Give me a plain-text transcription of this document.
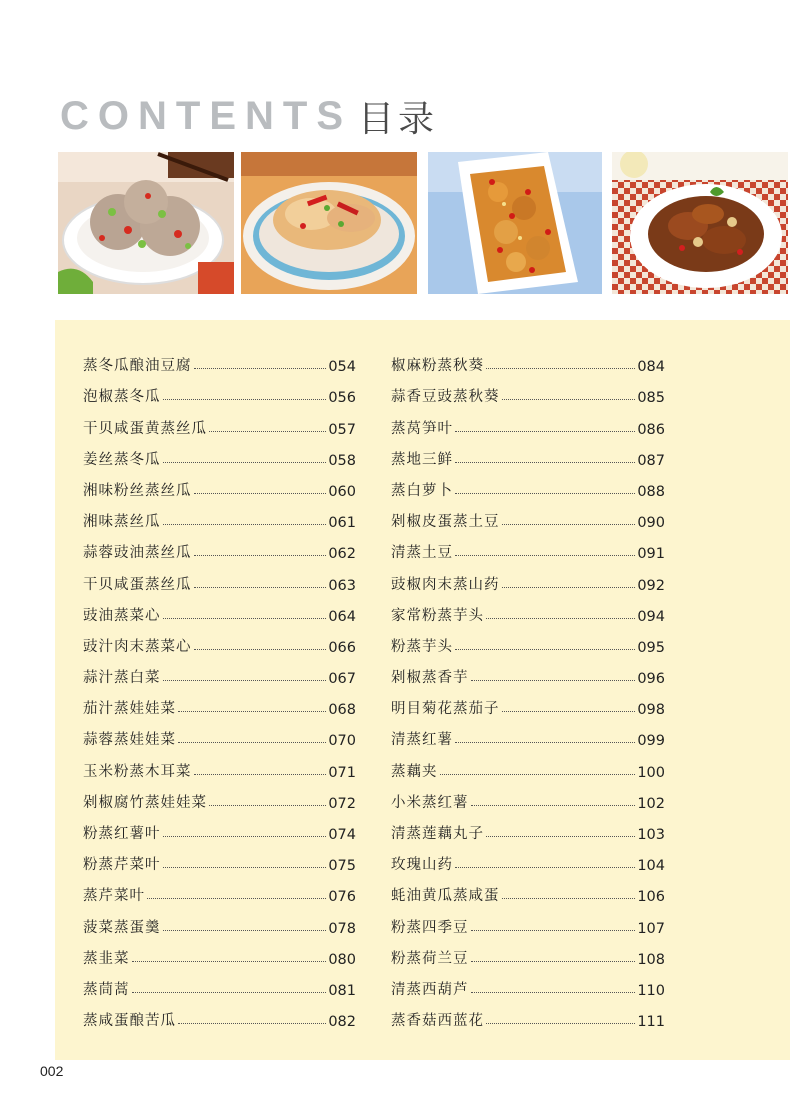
CONTENTS 目录
蒸冬瓜酿油豆腐	054
泡椒蒸冬瓜	056
干贝咸蛋黄蒸丝瓜	057
姜丝蒸冬瓜	058
湘味粉丝蒸丝瓜	060
湘味蒸丝瓜	061
蒜蓉豉油蒸丝瓜	062
干贝咸蛋蒸丝瓜	063
豉油蒸菜心	064
豉汁肉末蒸菜心	066
蒜汁蒸白菜	067
茄汁蒸娃娃菜	068
蒜蓉蒸娃娃菜	070
玉米粉蒸木耳菜	071
剁椒腐竹蒸娃娃菜	072
粉蒸红薯叶	074
粉蒸芹菜叶	075
蒸芹菜叶	076
菠菜蒸蛋羹	078
蒸韭菜	080
蒸茼蒿	081
蒸咸蛋酿苦瓜	082
椒麻粉蒸秋葵	084
蒜香豆豉蒸秋葵	085
蒸莴笋叶	086
蒸地三鲜	087
蒸白萝卜	088
剁椒皮蛋蒸土豆	090
清蒸土豆	091
豉椒肉末蒸山药	092
家常粉蒸芋头	094
粉蒸芋头	095
剁椒蒸香芋	096
明目菊花蒸茄子	098
清蒸红薯	099
蒸藕夹	100
小米蒸红薯	102
清蒸莲藕丸子	103
玫瑰山药	104
蚝油黄瓜蒸咸蛋	106
粉蒸四季豆	107
粉蒸荷兰豆	108
清蒸西葫芦	110
蒸香菇西蓝花	111
002
